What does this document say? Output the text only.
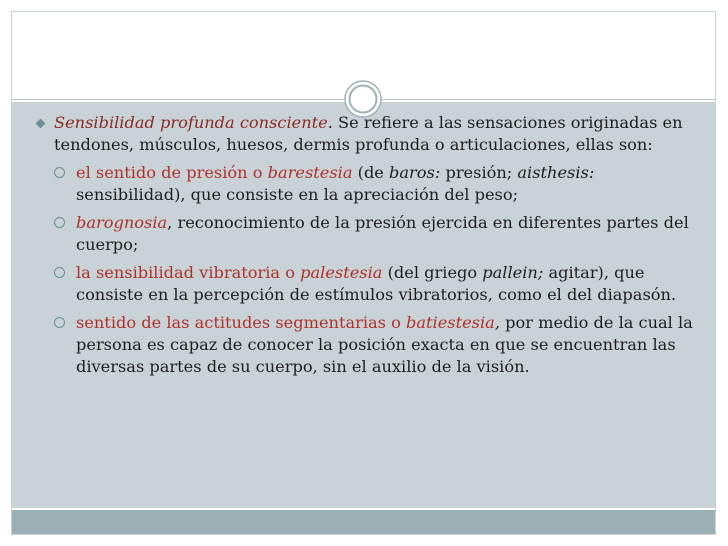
Sensibilidad profunda consciente. Se refiere a las sensaciones originadas en tendones, músculos, huesos, dermis profunda o articulaciones, ellas son:

el sentido de presión o barestesia (de baros: presión; aisthesis: sensibilidad), que consiste en la apreciación del peso;
barognosia, reconocimiento de la presión ejercida en diferentes partes del cuerpo;
la sensibilidad vibratoria o palestesia (del griego pallein; agitar), que consiste en la percepción de estímulos vibratorios, como el del diapasón.
sentido de las actitudes segmentarias o batiestesia, por medio de la cual la persona es capaz de conocer la posición exacta en que se encuentran las diversas partes de su cuerpo, sin el auxilio de la visión.
